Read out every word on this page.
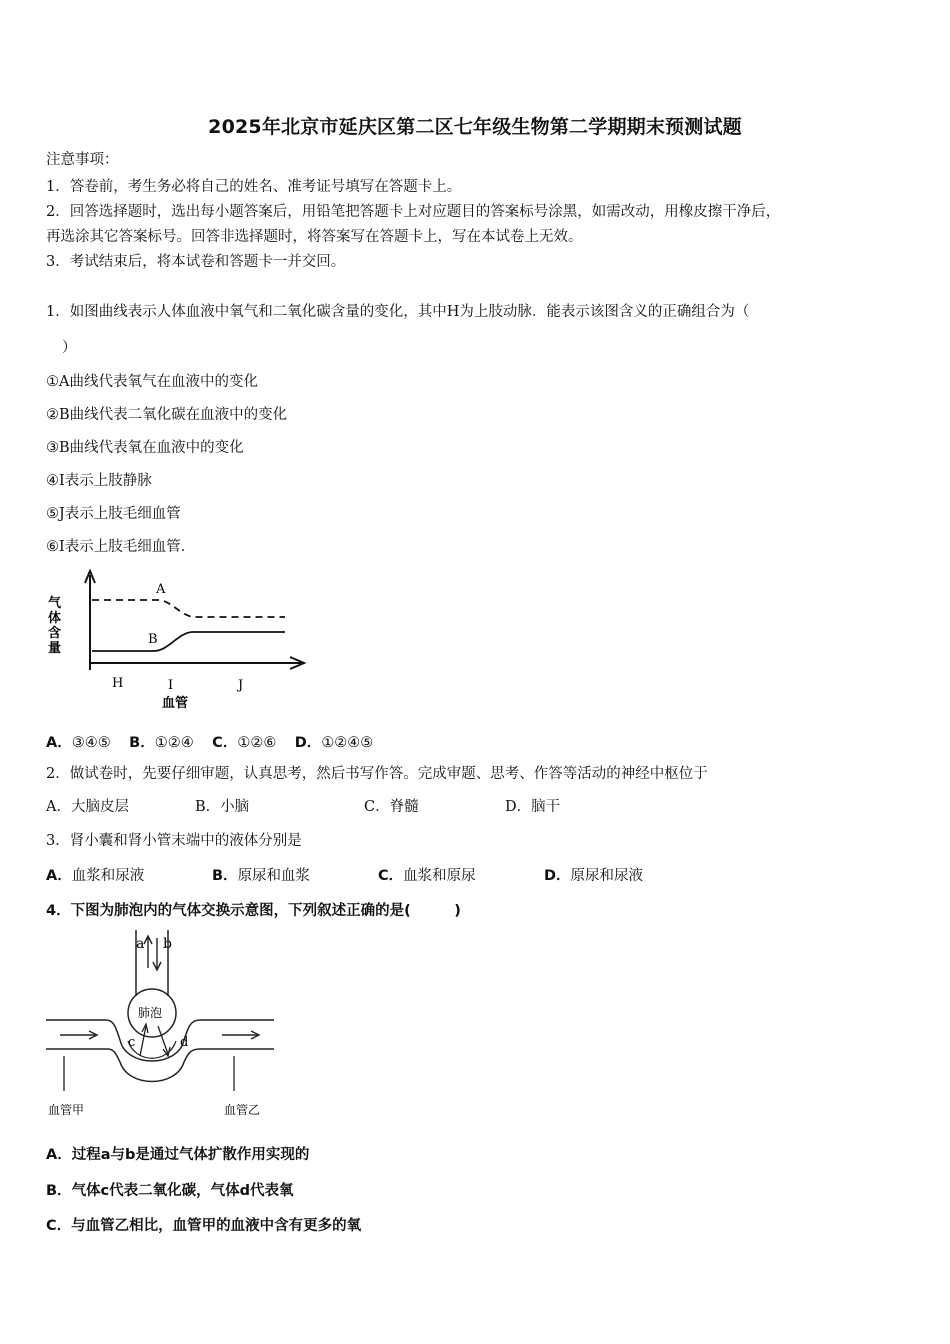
2025年北京市延庆区第二区七年级生物第二学期期末预测试题
注意事项：
1．答卷前，考生务必将自己的姓名、准考证号填写在答题卡上。
2．回答选择题时，选出每小题答案后，用铅笔把答题卡上对应题目的答案标号涂黑，如需改动，用橡皮擦干净后，
再选涂其它答案标号。回答非选择题时，将答案写在答题卡上，写在本试卷上无效。
3．考试结束后，将本试卷和答题卡一并交回。
1．如图曲线表示人体血液中氧气和二氧化碳含量的变化，其中H为上肢动脉．能表示该图含义的正确组合为（
）
①A曲线代表氧气在血液中的变化
②B曲线代表二氧化碳在血液中的变化
③B曲线代表氧在血液中的变化
④I表示上肢静脉
⑤J表示上肢毛细血管
⑥I表示上肢毛细血管．
气
体
含
量
A
B
H	I	J
血管
A．③④⑤ B．①②④ C．①②⑥ D．①②④⑤
2．做试卷时，先要仔细审题，认真思考，然后书写作答。完成审题、思考、作答等活动的神经中枢位于
A．大脑皮层	B．小脑	C．脊髓	D．脑干
3．肾小囊和肾小管末端中的液体分别是
A．血浆和尿液	B．原尿和血浆	C．血浆和原尿	D．原尿和尿液
4．下图为肺泡内的气体交换示意图，下列叙述正确的是(　　　)
a b
肺泡
c	d
血管甲	血管乙
A．过程a与b是通过气体扩散作用实现的
B．气体c代表二氧化碳，气体d代表氧
C．与血管乙相比，血管甲的血液中含有更多的氧
